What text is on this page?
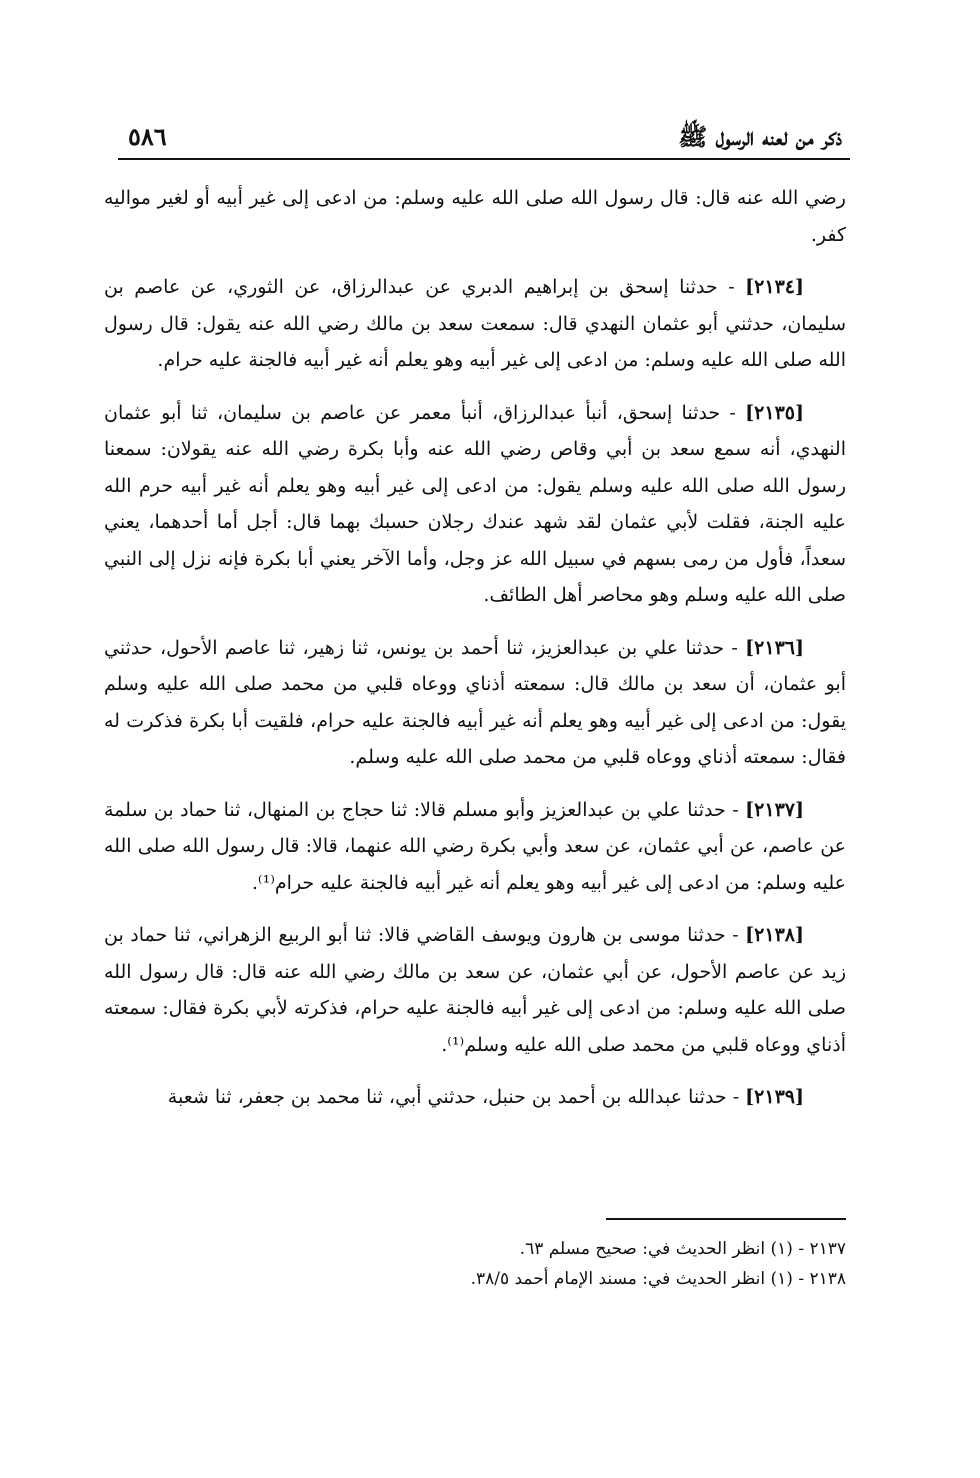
ذكر من لعنه الرسول ﷺ
٥٨٦

رضي الله عنه قال: قال رسول الله صلى الله عليه وسلم: من ادعى إلى غير أبيه أو لغير مواليه كفر.

[٢١٣٤] - حدثنا إسحق بن إبراهيم الدبري عن عبدالرزاق، عن الثوري، عن عاصم بن سليمان، حدثني أبو عثمان النهدي قال: سمعت سعد بن مالك رضي الله عنه يقول: قال رسول الله صلى الله عليه وسلم: من ادعى إلى غير أبيه وهو يعلم أنه غير أبيه فالجنة عليه حرام.

[٢١٣٥] - حدثنا إسحق، أنبأ عبدالرزاق، أنبأ معمر عن عاصم بن سليمان، ثنا أبو عثمان النهدي، أنه سمع سعد بن أبي وقاص رضي الله عنه وأبا بكرة رضي الله عنه يقولان: سمعنا رسول الله صلى الله عليه وسلم يقول: من ادعى إلى غير أبيه وهو يعلم أنه غير أبيه حرم الله عليه الجنة، فقلت لأبي عثمان لقد شهد عندك رجلان حسبك بهما قال: أجل أما أحدهما، يعني سعداً، فأول من رمى بسهم في سبيل الله عز وجل، وأما الآخر يعني أبا بكرة فإنه نزل إلى النبي صلى الله عليه وسلم وهو محاصر أهل الطائف.

[٢١٣٦] - حدثنا علي بن عبدالعزيز، ثنا أحمد بن يونس، ثنا زهير، ثنا عاصم الأحول، حدثني أبو عثمان، أن سعد بن مالك قال: سمعته أذناي ووعاه قلبي من محمد صلى الله عليه وسلم يقول: من ادعى إلى غير أبيه وهو يعلم أنه غير أبيه فالجنة عليه حرام، فلقيت أبا بكرة فذكرت له فقال: سمعته أذناي ووعاه قلبي من محمد صلى الله عليه وسلم.

[٢١٣٧] - حدثنا علي بن عبدالعزيز وأبو مسلم قالا: ثنا حجاج بن المنهال، ثنا حماد بن سلمة عن عاصم، عن أبي عثمان، عن سعد وأبي بكرة رضي الله عنهما، قالا: قال رسول الله صلى الله عليه وسلم: من ادعى إلى غير أبيه وهو يعلم أنه غير أبيه فالجنة عليه حرام⁽¹⁾.

[٢١٣٨] - حدثنا موسى بن هارون ويوسف القاضي قالا: ثنا أبو الربيع الزهراني، ثنا حماد بن زيد عن عاصم الأحول، عن أبي عثمان، عن سعد بن مالك رضي الله عنه قال: قال رسول الله صلى الله عليه وسلم: من ادعى إلى غير أبيه فالجنة عليه حرام، فذكرته لأبي بكرة فقال: سمعته أذناي ووعاه قلبي من محمد صلى الله عليه وسلم⁽¹⁾.

[٢١٣٩] - حدثنا عبدالله بن أحمد بن حنبل، حدثني أبي، ثنا محمد بن جعفر، ثنا شعبة

٢١٣٧ - (١) انظر الحديث في: صحيح مسلم ٦٣.

٢١٣٨ - (١) انظر الحديث في: مسند الإمام أحمد ٣٨/٥.
